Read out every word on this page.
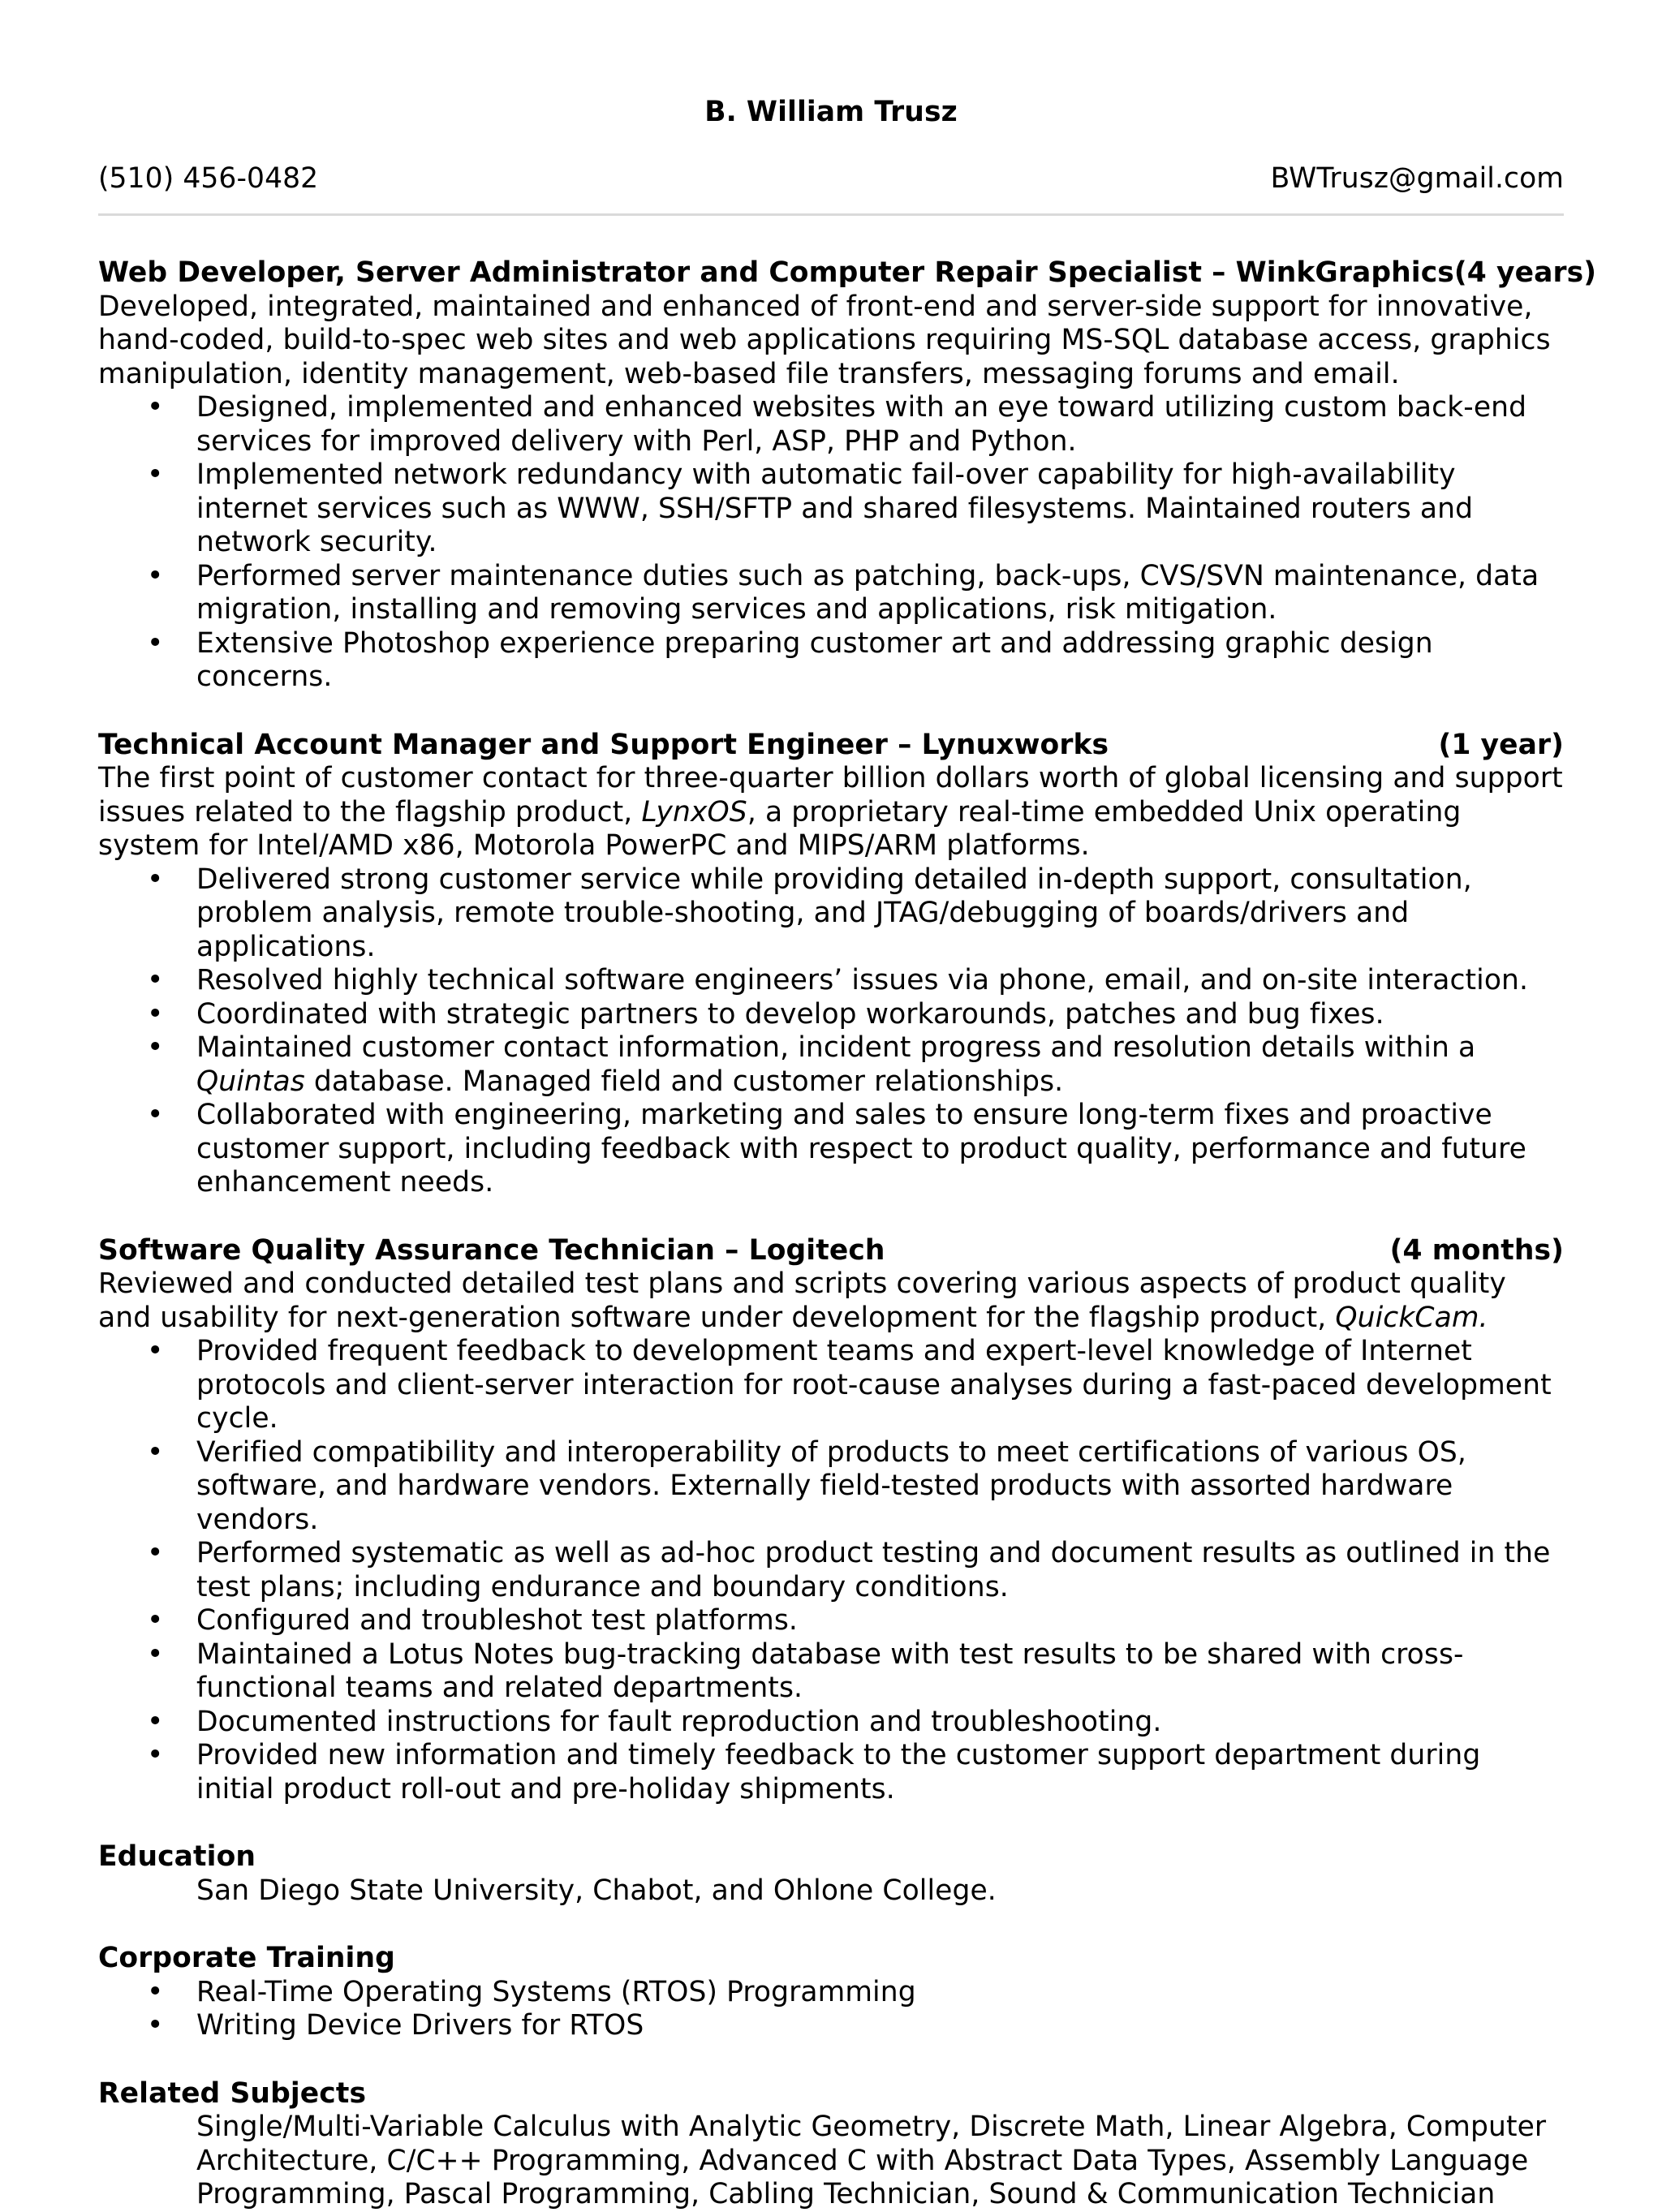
B. William Trusz
(510) 456-0482	BWTrusz@gmail.com
Web Developer, Server Administrator and Computer Repair Specialist – WinkGraphics (4 years)

Developed, integrated, maintained and enhanced of front-end and server-side support for innovative, hand-coded, build-to-spec web sites and web applications requiring MS-SQL database access, graphics manipulation, identity management, web-based file transfers, messaging forums and email.

• Designed, implemented and enhanced websites with an eye toward utilizing custom back-end services for improved delivery with Perl, ASP, PHP and Python.
• Implemented network redundancy with automatic fail-over capability for high-availability internet services such as WWW, SSH/SFTP and shared filesystems. Maintained routers and network security.
• Performed server maintenance duties such as patching, back-ups, CVS/SVN maintenance, data migration, installing and removing services and applications, risk mitigation.
• Extensive Photoshop experience preparing customer art and addressing graphic design concerns.
Technical Account Manager and Support Engineer – Lynuxworks	(1 year)

The first point of customer contact for three-quarter billion dollars worth of global licensing and support issues related to the flagship product, LynxOS, a proprietary real-time embedded Unix operating system for Intel/AMD x86, Motorola PowerPC and MIPS/ARM platforms.

• Delivered strong customer service while providing detailed in-depth support, consultation, problem analysis, remote trouble-shooting, and JTAG/debugging of boards/drivers and applications.
• Resolved highly technical software engineers’ issues via phone, email, and on-site interaction.
• Coordinated with strategic partners to develop workarounds, patches and bug fixes.
• Maintained customer contact information, incident progress and resolution details within a Quintas database. Managed field and customer relationships.
• Collaborated with engineering, marketing and sales to ensure long-term fixes and proactive customer support, including feedback with respect to product quality, performance and future enhancement needs.
Software Quality Assurance Technician – Logitech	(4 months)

Reviewed and conducted detailed test plans and scripts covering various aspects of product quality and usability for next-generation software under development for the flagship product, QuickCam.

• Provided frequent feedback to development teams and expert-level knowledge of Internet protocols and client-server interaction for root-cause analyses during a fast-paced development cycle.
• Verified compatibility and interoperability of products to meet certifications of various OS, software, and hardware vendors. Externally field-tested products with assorted hardware vendors.
• Performed systematic as well as ad-hoc product testing and document results as outlined in the test plans; including endurance and boundary conditions.
• Configured and troubleshot test platforms.
• Maintained a Lotus Notes bug-tracking database with test results to be shared with cross-functional teams and related departments.
• Documented instructions for fault reproduction and troubleshooting.
• Provided new information and timely feedback to the customer support department during initial product roll-out and pre-holiday shipments.
Education

San Diego State University, Chabot, and Ohlone College.

Corporate Training
• Real-Time Operating Systems (RTOS) Programming
• Writing Device Drivers for RTOS
Related Subjects

Single/Multi-Variable Calculus with Analytic Geometry, Discrete Math, Linear Algebra, Computer Architecture, C/C++ Programming, Advanced C with Abstract Data Types, Assembly Language Programming, Pascal Programming, Cabling Technician, Sound & Communication Technician
